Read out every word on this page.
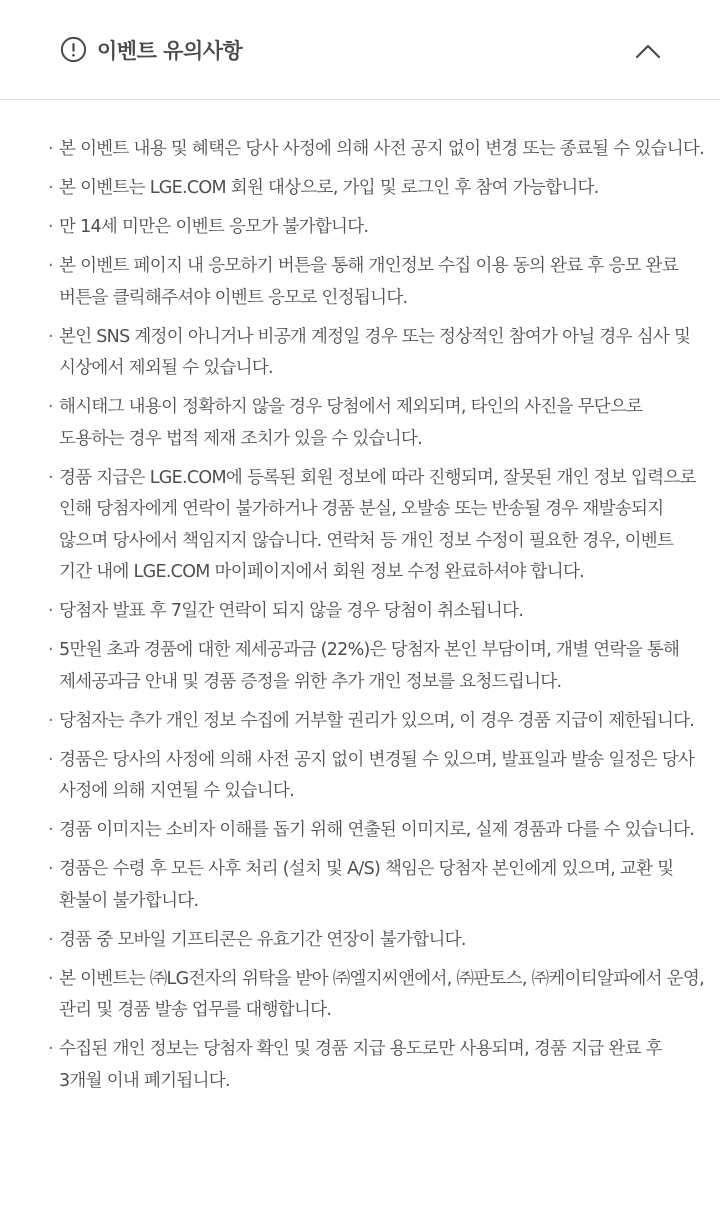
이벤트 유의사항
· 본 이벤트 내용 및 혜택은 당사 사정에 의해 사전 공지 없이 변경 또는 종료될 수 있습니다.
· 본 이벤트는 LGE.COM 회원 대상으로, 가입 및 로그인 후 참여 가능합니다.
· 만 14세 미만은 이벤트 응모가 불가합니다.
· 본 이벤트 페이지 내 응모하기 버튼을 통해 개인정보 수집 이용 동의 완료 후 응모 완료 버튼을 클릭해주셔야 이벤트 응모로 인정됩니다.
· 본인 SNS 계정이 아니거나 비공개 계정일 경우 또는 정상적인 참여가 아닐 경우 심사 및 시상에서 제외될 수 있습니다.
· 해시태그 내용이 정확하지 않을 경우 당첨에서 제외되며, 타인의 사진을 무단으로 도용하는 경우 법적 제재 조치가 있을 수 있습니다.
· 경품 지급은 LGE.COM에 등록된 회원 정보에 따라 진행되며, 잘못된 개인 정보 입력으로 인해 당첨자에게 연락이 불가하거나 경품 분실, 오발송 또는 반송될 경우 재발송되지 않으며 당사에서 책임지지 않습니다. 연락처 등 개인 정보 수정이 필요한 경우, 이벤트 기간 내에 LGE.COM 마이페이지에서 회원 정보 수정 완료하셔야 합니다.
· 당첨자 발표 후 7일간 연락이 되지 않을 경우 당첨이 취소됩니다.
· 5만원 초과 경품에 대한 제세공과금 (22%)은 당첨자 본인 부담이며, 개별 연락을 통해 제세공과금 안내 및 경품 증정을 위한 추가 개인 정보를 요청드립니다.
· 당첨자는 추가 개인 정보 수집에 거부할 권리가 있으며, 이 경우 경품 지급이 제한됩니다.
· 경품은 당사의 사정에 의해 사전 공지 없이 변경될 수 있으며, 발표일과 발송 일정은 당사 사정에 의해 지연될 수 있습니다.
· 경품 이미지는 소비자 이해를 돕기 위해 연출된 이미지로, 실제 경품과 다를 수 있습니다.
· 경품은 수령 후 모든 사후 처리 (설치 및 A/S) 책임은 당첨자 본인에게 있으며, 교환 및 환불이 불가합니다.
· 경품 중 모바일 기프티콘은 유효기간 연장이 불가합니다.
· 본 이벤트는 ㈜LG전자의 위탁을 받아 ㈜엘지씨앤에서, ㈜판토스, ㈜케이티알파에서 운영, 관리 및 경품 발송 업무를 대행합니다.
· 수집된 개인 정보는 당첨자 확인 및 경품 지급 용도로만 사용되며, 경품 지급 완료 후 3개월 이내 폐기됩니다.
